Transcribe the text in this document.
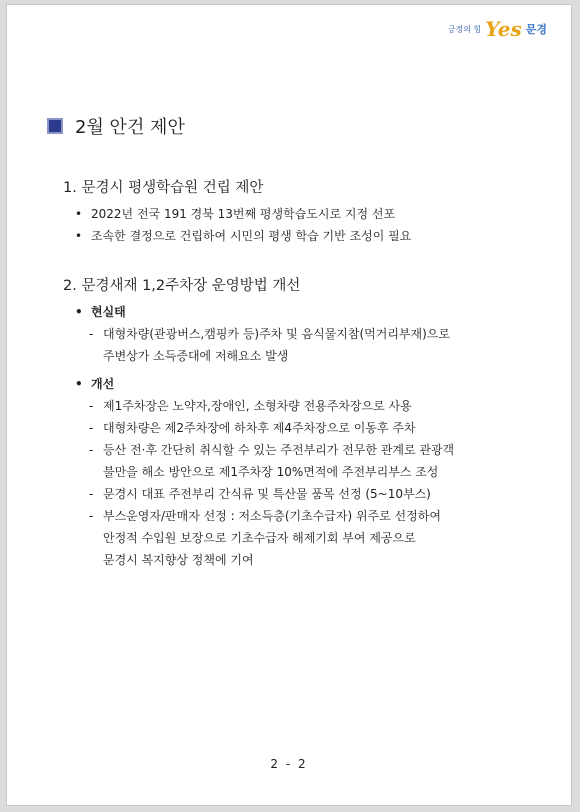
긍정의 힘 Yes 문경
2월 안건 제안
1. 문경시 평생학습원 건립 제안
• 2022년 전국 191 경북 13번째 평생학습도시로 지정 선포
• 조속한 결정으로 건립하여 시민의 평생 학습 기반 조성이 필요
2. 문경새재 1,2주차장 운영방법 개선
• 현실태
- 대형차량(관광버스,캠핑카 등)주차 및 음식물지참(먹거리부재)으로
주변상가 소득증대에 저해요소 발생
• 개선
- 제1주차장은 노약자,장애인, 소형차량 전용주차장으로 사용
- 대형차량은 제2주차장에 하차후 제4주차장으로 이동후 주차
- 등산 전·후 간단히 취식할 수 있는 주전부리가 전무한 관계로 관광객
불만을 해소 방안으로 제1주차장 10%면적에 주전부리부스 조성
- 문경시 대표 주전부리 간식류 및 특산물 품목 선정 (5~10부스)
- 부스운영자/판매자 선정 : 저소득층(기초수급자) 위주로 선정하여
안정적 수입원 보장으로 기초수급자 해제기회 부여 제공으로
문경시 복지향상 정책에 기여
2 - 2
